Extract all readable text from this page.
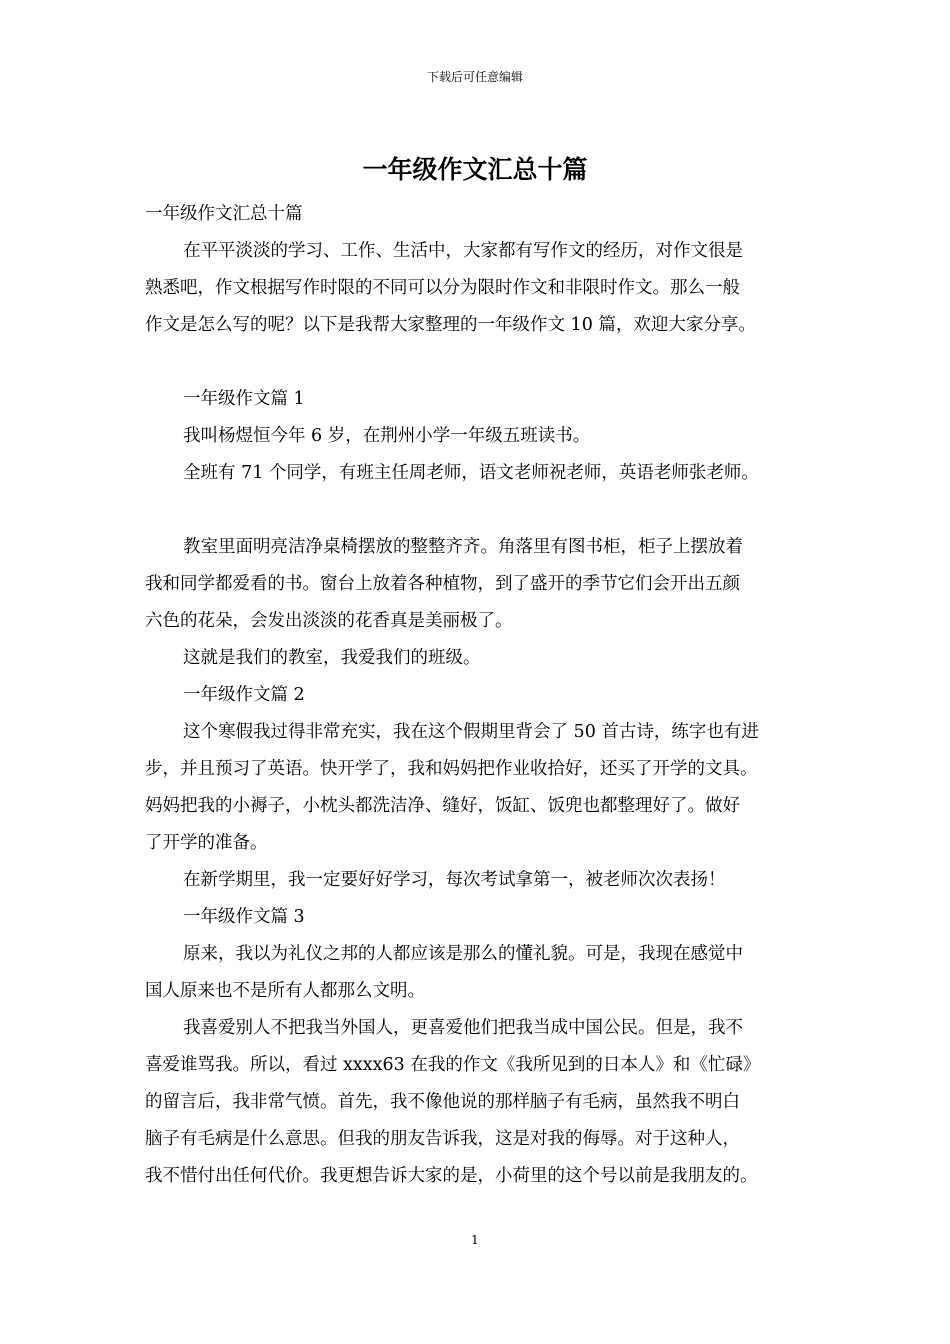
下载后可任意编辑
一年级作文汇总十篇

一年级作文汇总十篇

在平平淡淡的学习、工作、生活中，大家都有写作文的经历，对作文很是

熟悉吧，作文根据写作时限的不同可以分为限时作文和非限时作文。那么一般

作文是怎么写的呢？以下是我帮大家整理的一年级作文 10 篇，欢迎大家分享。

一年级作文篇 1

我叫杨煜恒今年 6 岁，在荆州小学一年级五班读书。

全班有 71 个同学，有班主任周老师，语文老师祝老师，英语老师张老师。

教室里面明亮洁净桌椅摆放的整整齐齐。角落里有图书柜，柜子上摆放着

我和同学都爱看的书。窗台上放着各种植物，到了盛开的季节它们会开出五颜

六色的花朵，会发出淡淡的花香真是美丽极了。

这就是我们的教室，我爱我们的班级。

一年级作文篇 2

这个寒假我过得非常充实，我在这个假期里背会了 50 首古诗，练字也有进

步，并且预习了英语。快开学了，我和妈妈把作业收拾好，还买了开学的文具。

妈妈把我的小褥子，小枕头都洗洁净、缝好，饭缸、饭兜也都整理好了。做好

了开学的准备。

在新学期里，我一定要好好学习，每次考试拿第一，被老师次次表扬！

一年级作文篇 3

原来，我以为礼仪之邦的人都应该是那么的懂礼貌。可是，我现在感觉中

国人原来也不是所有人都那么文明。

我喜爱别人不把我当外国人，更喜爱他们把我当成中国公民。但是，我不

喜爱谁骂我。所以，看过 xxxx63 在我的作文《我所见到的日本人》和《忙碌》

的留言后，我非常气愤。首先，我不像他说的那样脑子有毛病，虽然我不明白

脑子有毛病是什么意思。但我的朋友告诉我，这是对我的侮辱。对于这种人，

我不惜付出任何代价。我更想告诉大家的是，小荷里的这个号以前是我朋友的。

1
